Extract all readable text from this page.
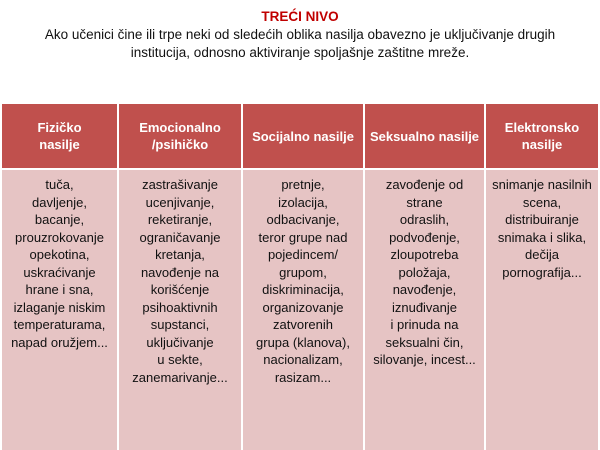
TREĆI NIVO
Ako učenici čine ili trpe neki od sledećih oblika nasilja obavezno je uključivanje drugih
institucija, odnosno aktiviranje spoljašnje zaštitne mreže.
Fizičko
nasilje
Emocionalno
/psihičko
Socijalno nasilje Seksualno nasilje
Elektronsko
nasilje
tuča,
davljenje,
bacanje,
prouzrokovanje
opekotina,
uskraćivanje
hrane i sna,
izlaganje niskim
temperaturama,
napad oružjem...
zastrašivanje
ucenjivanje,
reketiranje,
ograničavanje
kretanja,
navođenje na
korišćenje
psihoaktivnih
supstanci,
uključivanje
u sekte,
zanemarivanje...
pretnje,
izolacija,
odbacivanje,
teror grupe nad
pojedincem/
grupom,
diskriminacija,
organizovanje
zatvorenih
grupa (klanova),
nacionalizam,
rasizam...
zavođenje od
strane
odraslih,
podvođenje,
zloupotreba
položaja,
navođenje,
iznuđivanje
i prinuda na
seksualni čin,
silovanje, incest...
snimanje nasilnih
scena,
distribuiranje
snimaka i slika,
dečija
pornografija...
